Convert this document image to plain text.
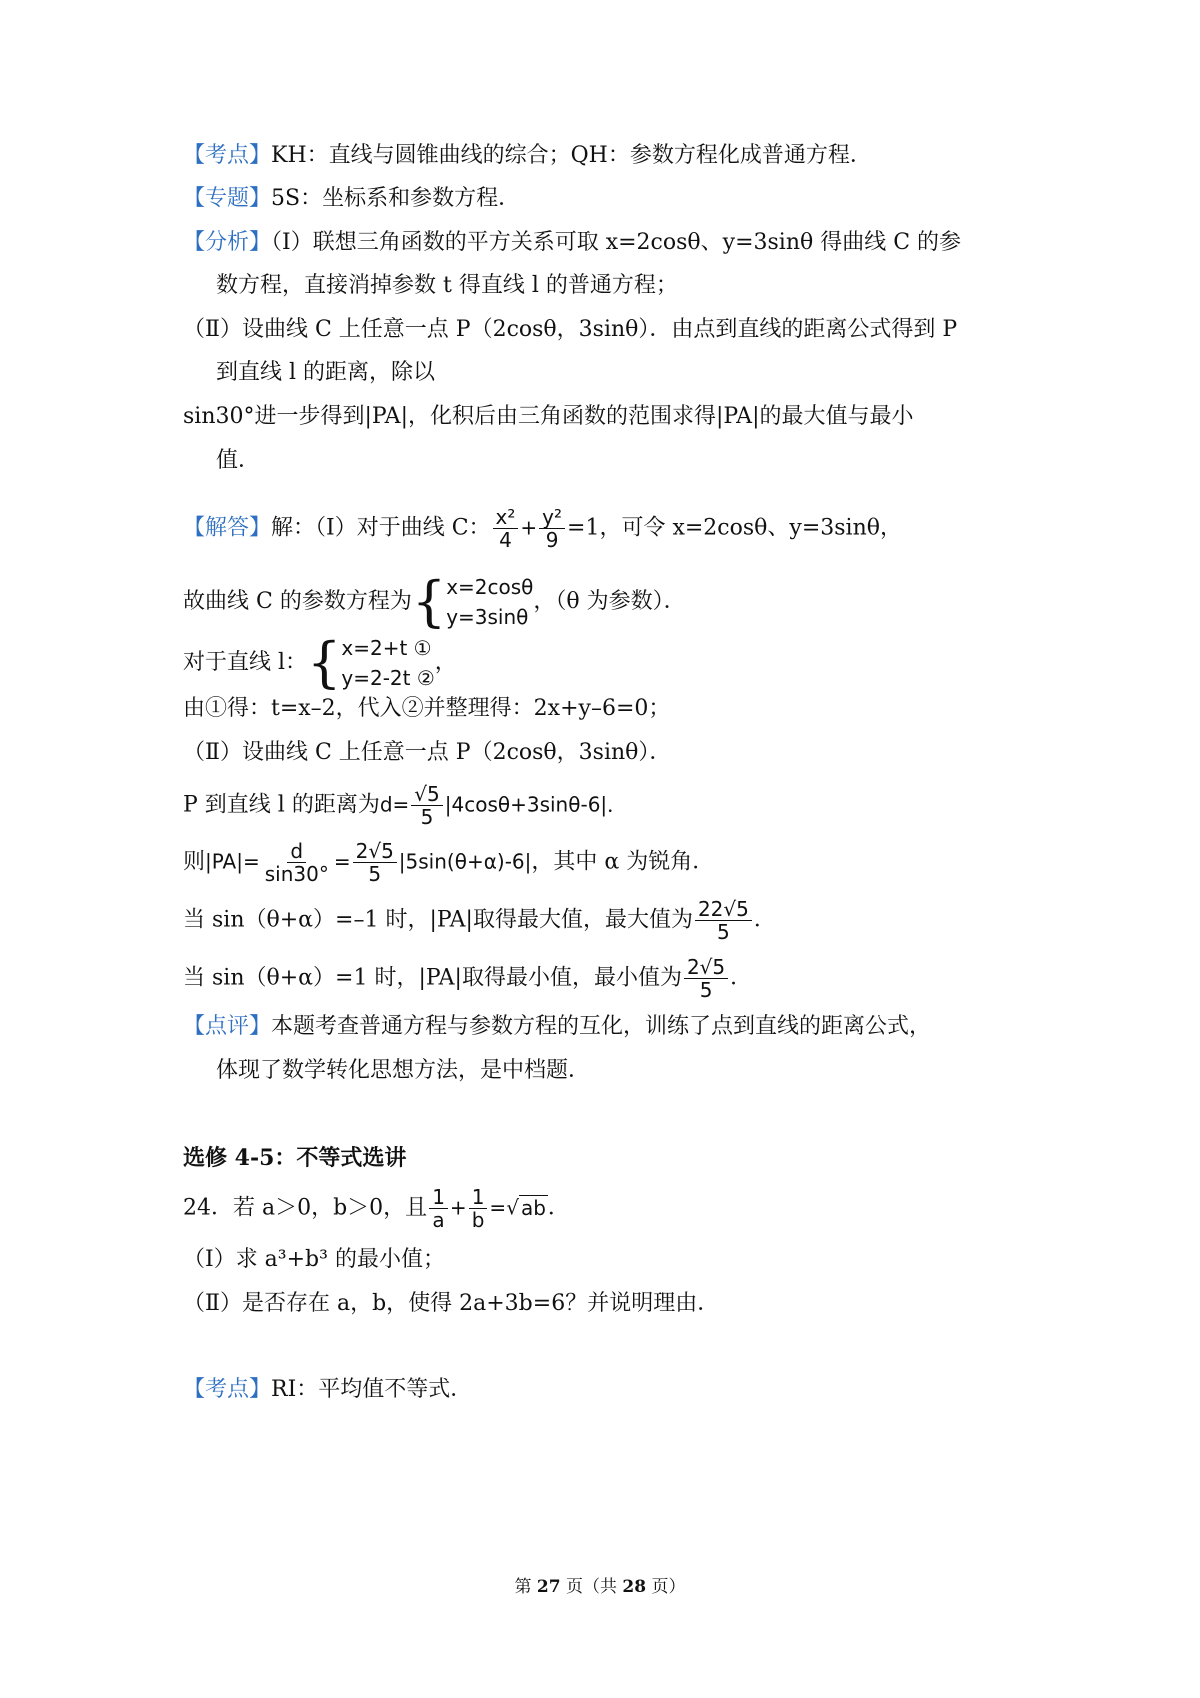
【考点】KH：直线与圆锥曲线的综合；QH：参数方程化成普通方程．
【专题】5S：坐标系和参数方程．
【分析】（Ⅰ）联想三角函数的平方关系可取 x=2cosθ、y=3sinθ 得曲线 C 的参
数方程，直接消掉参数 t 得直线 l 的普通方程；
（Ⅱ）设曲线 C 上任意一点 P（2cosθ，3sinθ）．由点到直线的距离公式得到 P
到直线 l 的距离，除以
sin30°进一步得到|PA|，化积后由三角函数的范围求得|PA|的最大值与最小
值．
【解答】解：（Ⅰ）对于曲线 C： $\frac{\text{x²}}{4} + \frac{\text{y²}}{9} =1$，可令 x=2cosθ、y=3sinθ，
故曲线 C 的参数方程为 { x=2cosθ
y=3sinθ
，（θ 为参数）．
对于直线 l： { x=2+t ①
y=2-2t ②
，
由①得：t=x–2，代入②并整理得：2x+y–6=0；
（Ⅱ）设曲线 C 上任意一点 P（2cosθ，3sinθ）．
P 到直线 l 的距离为$d= \frac{√5}{5} |4\cos\theta+3\sin\theta-6|$．
则$|PA|= \frac{d}{\sin 30^\circ} = \frac{2√5}{5} |5\sin(\theta+\alpha)-6|$，其中 α 为锐角．
当 sin（θ+α）=–1 时，|PA|取得最大值，最大值为 $\frac{22√5}{5}$ ．
当 sin（θ+α）=1 时，|PA|取得最小值，最小值为 $\frac{2√5}{5}$ ．
【点评】本题考查普通方程与参数方程的互化，训练了点到直线的距离公式，
体现了数学转化思想方法，是中档题．
选修 4-5：不等式选讲
24．若 a＞0，b＞0，且 $\frac{1}{a} + \frac{1}{b}$ =√ ab．
（Ⅰ）求 a³+b³ 的最小值；
（Ⅱ）是否存在 a，b，使得 2a+3b=6？并说明理由．
【考点】RI：平均值不等式．
第 27 页（共 28 页）
